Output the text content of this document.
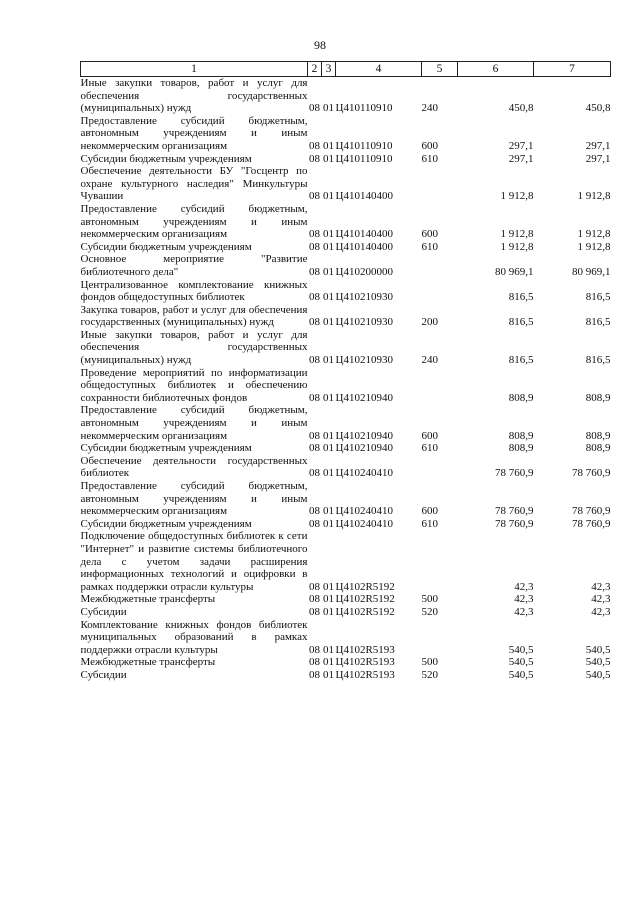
98
1	2	3	4	5	6	7
Иные закупки товаров, работ и услуг для обеспечения государственных (муниципальных) нужд	08	01	Ц410110910	240	450,8	450,8
Предоставление субсидий бюджетным, автономным учреждениям и иным некоммерческим организациям	08	01	Ц410110910	600	297,1	297,1
Субсидии бюджетным учреждениям	08	01	Ц410110910	610	297,1	297,1
Обеспечение деятельности БУ "Госцентр по охране культурного наследия" Минкультуры Чувашии	08	01	Ц410140400		1 912,8	1 912,8
Предоставление субсидий бюджетным, автономным учреждениям и иным некоммерческим организациям	08	01	Ц410140400	600	1 912,8	1 912,8
Субсидии бюджетным учреждениям	08	01	Ц410140400	610	1 912,8	1 912,8
Основное мероприятие "Развитие библиотечного дела"	08	01	Ц410200000		80 969,1	80 969,1
Централизованное комплектование книжных фондов общедоступных библиотек	08	01	Ц410210930		816,5	816,5
Закупка товаров, работ и услуг для обеспечения государственных (муниципальных) нужд	08	01	Ц410210930	200	816,5	816,5
Иные закупки товаров, работ и услуг для обеспечения государственных (муниципальных) нужд	08	01	Ц410210930	240	816,5	816,5
Проведение мероприятий по информатизации общедоступных библиотек и обеспечению сохранности библиотечных фондов	08	01	Ц410210940		808,9	808,9
Предоставление субсидий бюджетным, автономным учреждениям и иным некоммерческим организациям	08	01	Ц410210940	600	808,9	808,9
Субсидии бюджетным учреждениям	08	01	Ц410210940	610	808,9	808,9
Обеспечение деятельности государственных библиотек	08	01	Ц410240410		78 760,9	78 760,9
Предоставление субсидий бюджетным, автономным учреждениям и иным некоммерческим организациям	08	01	Ц410240410	600	78 760,9	78 760,9
Субсидии бюджетным учреждениям	08	01	Ц410240410	610	78 760,9	78 760,9
Подключение общедоступных библиотек к сети "Интернет" и развитие системы библиотечного дела с учетом задачи расширения информационных технологий и оцифровки в рамках поддержки отрасли культуры	08	01	Ц4102R5192		42,3	42,3
Межбюджетные трансферты	08	01	Ц4102R5192	500	42,3	42,3
Субсидии	08	01	Ц4102R5192	520	42,3	42,3
Комплектование книжных фондов библиотек муниципальных образований в рамках поддержки отрасли культуры	08	01	Ц4102R5193		540,5	540,5
Межбюджетные трансферты	08	01	Ц4102R5193	500	540,5	540,5
Субсидии	08	01	Ц4102R5193	520	540,5	540,5
